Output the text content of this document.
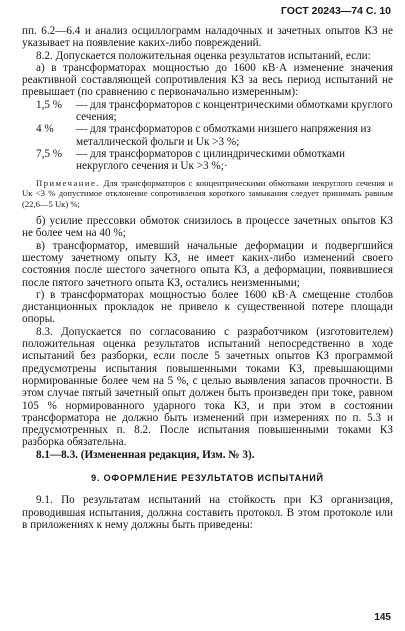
ГОСТ 20243—74 С. 10

пп. 6.2—6.4 и анализ осциллограмм наладочных и зачетных опытов КЗ не указывает на появление каких-либо повреждений.

8.2. Допускается положительная оценка результатов испытаний, если:

а) в трансформаторах мощностью до 1600 кВ·А изменение значения реактивной составляющей сопротивления КЗ за весь период испытаний не превышает (по сравнению с первоначально измеренным):

1,5 %	— для трансформаторов с концентрическими обмотками круглого сечения;
4 %	— для трансформаторов с обмотками низшего напряжения из металлической фольги и Uк >3 %;
7,5 %	— для трансформаторов с цилиндрическими обмотками некруглого сечения и Uк >3 %;·

Примечание. Для трансформаторов с концентрическими обмотками некруглого сечения и Uк <3 % допустимое отклонение сопротивления короткого замыкания следует принимать равным (22,6—5 Uк) %;

б) усилие прессовки обмоток снизилось в процессе зачетных опытов КЗ не более чем на 40 %;

в) трансформатор, имевший начальные деформации и подвергшийся шестому зачетному опыту КЗ, не имеет каких-либо изменений своего состояния после шестого зачетного опыта КЗ, а деформации, появившиеся после пятого зачетного опыта КЗ, остались неизменными;

г) в трансформаторах мощностью более 1600 кВ·А смещение столбов дистанционных прокладок не привело к существенной потере площади опоры.

8.3. Допускается по согласованию с разработчиком (изготовителем) положительная оценка результатов испытаний непосредственно в ходе испытаний без разборки, если после 5 зачетных опытов КЗ программой предусмотрены испытания повышенными токами КЗ, превышающими нормированные более чем на 5 %, с целью выявления запасов прочности. В этом случае пятый зачетный опыт должен быть произведен при токе, равном 105 % нормированного ударного тока КЗ, и при этом в состоянии трансформатора не должно быть изменений при измерениях по п. 5.3 и предусмотренных п. 8.2. После испытания повышенными токами КЗ разборка обязательна.

8.1—8.3. (Измененная редакция, Изм. № 3).

9. ОФОРМЛЕНИЕ РЕЗУЛЬТАТОВ ИСПЫТАНИЙ

9.1. По результатам испытаний на стойкость при КЗ организация, проводившая испытания, должна составить протокол. В этом протоколе или в приложениях к нему должны быть приведены:

145
